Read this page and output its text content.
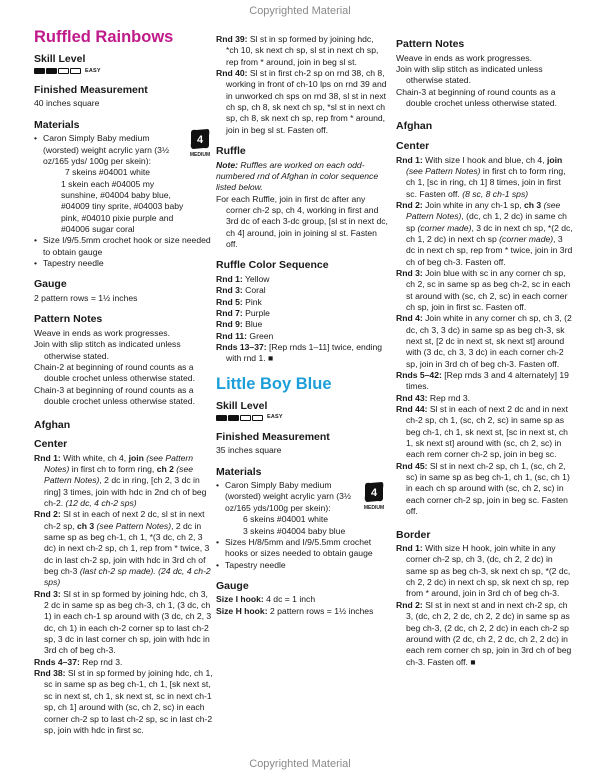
Copyrighted Material
Ruffled Rainbows
Skill Level
EASY
Finished Measurement

40 inches square

Materials
4
MEDIUM
• Caron Simply Baby medium (worsted) weight acrylic yarn (3½ oz/165 yds/ 100g per skein):
7 skeins #04001 white
1 skein each #04005 my sunshine, #04004 baby blue, #04009 tiny sprite, #04003 baby pink, #04010 pixie purple and #04006 sugar coral
• Size I/9/5.5mm crochet hook or size needed to obtain gauge
• Tapestry needle
Gauge

2 pattern rows = 1½ inches

Pattern Notes

Weave in ends as work progresses.

Join with slip stitch as indicated unless otherwise stated.

Chain-2 at beginning of round counts as a double crochet unless otherwise stated.

Chain-3 at beginning of round counts as a double crochet unless otherwise stated.

Afghan
Center

Rnd 1: With white, ch 4, join (see Pattern Notes) in first ch to form ring, ch 2 (see Pattern Notes), 2 dc in ring, [ch 2, 3 dc in ring] 3 times, join with hdc in 2nd ch of beg ch-2. (12 dc, 4 ch-2 sps)

Rnd 2: Sl st in each of next 2 dc, sl st in next ch-2 sp, ch 3 (see Pattern Notes), 2 dc in same sp as beg ch-1, ch 1, *(3 dc, ch 2, 3 dc) in next ch-2 sp, ch 1, rep from * twice, 3 dc in last ch-2 sp, join with hdc in 3rd ch of beg ch-3 (last ch-2 sp made). (24 dc, 4 ch-2 sps)

Rnd 3: Sl st in sp formed by joining hdc, ch 3, 2 dc in same sp as beg ch-3, ch 1, (3 dc, ch 1) in each ch-1 sp around with (3 dc, ch 2, 3 dc, ch 1) in each ch-2 corner sp to last ch-2 sp, 3 dc in last corner ch sp, join with hdc in 3rd ch of beg ch-3.

Rnds 4–37: Rep rnd 3.

Rnd 38: Sl st in sp formed by joining hdc, ch 1, sc in same sp as beg ch-1, ch 1, [sk next st, sc in next st, ch 1, sk next st, sc in next ch-1 sp, ch 1] around with (sc, ch 2, sc) in each corner ch-2 sp to last ch-2 sp, sc in last ch-2 sp, join with hdc in first sc.

Rnd 39: Sl st in sp formed by joining hdc, *ch 10, sk next ch sp, sl st in next ch sp, rep from * around, join in beg sl st.

Rnd 40: Sl st in first ch-2 sp on rnd 38, ch 8, working in front of ch-10 lps on rnd 39 and in unworked ch sps on rnd 38, sl st in next ch sp, ch 8, sk next ch sp, *sl st in next ch sp, ch 8, sk next ch sp, rep from * around, join in beg sl st. Fasten off.

Ruffle

Note: Ruffles are worked on each odd-numbered rnd of Afghan in color sequence listed below.

For each Ruffle, join in first dc after any corner ch-2 sp, ch 4, working in first and 3rd dc of each 3-dc group, [sl st in next dc, ch 4] around, join in joining sl st. Fasten off.

Ruffle Color Sequence

Rnd 1: Yellow

Rnd 3: Coral

Rnd 5: Pink

Rnd 7: Purple

Rnd 9: Blue

Rnd 11: Green

Rnds 13–37: [Rep rnds 1–11] twice, ending with rnd 1. ■

Little Boy Blue
Skill Level
EASY
Finished Measurement

35 inches square

Materials
4
MEDIUM
• Caron Simply Baby medium (worsted) weight acrylic yarn (3½ oz/165 yds/100g per skein):
6 skeins #04001 white
3 skeins #04004 baby blue
• Sizes H/8/5mm and I/9/5.5mm crochet hooks or sizes needed to obtain gauge
• Tapestry needle
Gauge

Size I hook: 4 dc = 1 inch

Size H hook: 2 pattern rows = 1½ inches

Pattern Notes

Weave in ends as work progresses.

Join with slip stitch as indicated unless otherwise stated.

Chain-3 at beginning of round counts as a double crochet unless otherwise stated.

Afghan
Center

Rnd 1: With size I hook and blue, ch 4, join (see Pattern Notes) in first ch to form ring, ch 1, [sc in ring, ch 1] 8 times, join in first sc. Fasten off. (8 sc, 8 ch-1 sps)

Rnd 2: Join white in any ch-1 sp, ch 3 (see Pattern Notes), (dc, ch 1, 2 dc) in same ch sp (corner made), 3 dc in next ch sp, *(2 dc, ch 1, 2 dc) in next ch sp (corner made), 3 dc in next ch sp, rep from * twice, join in 3rd ch of beg ch-3. Fasten off.

Rnd 3: Join blue with sc in any corner ch sp, ch 2, sc in same sp as beg ch-2, sc in each st around with (sc, ch 2, sc) in each corner ch sp, join in first sc. Fasten off.

Rnd 4: Join white in any corner ch sp, ch 3, (2 dc, ch 3, 3 dc) in same sp as beg ch-3, sk next st, [2 dc in next st, sk next st] around with (3 dc, ch 3, 3 dc) in each corner ch-2 sp, join in 3rd ch of beg ch-3. Fasten off.

Rnds 5–42: [Rep rnds 3 and 4 alternately] 19 times.

Rnd 43: Rep rnd 3.

Rnd 44: Sl st in each of next 2 dc and in next ch-2 sp, ch 1, (sc, ch 2, sc) in same sp as beg ch-1, ch 1, sk next st, [sc in next st, ch 1, sk next st] around with (sc, ch 2, sc) in each rem corner ch-2 sp, join in beg sc.

Rnd 45: Sl st in next ch-2 sp, ch 1, (sc, ch 2, sc) in same sp as beg ch-1, ch 1, (sc, ch 1) in each ch sp around with (sc, ch 2, sc) in each corner ch-2 sp, join in beg sc. Fasten off.

Border

Rnd 1: With size H hook, join white in any corner ch-2 sp, ch 3, (dc, ch 2, 2 dc) in same sp as beg ch-3, sk next ch sp, *(2 dc, ch 2, 2 dc) in next ch sp, sk next ch sp, rep from * around, join in 3rd ch of beg ch-3.

Rnd 2: Sl st in next st and in next ch-2 sp, ch 3, (dc, ch 2, 2 dc, ch 2, 2 dc) in same sp as beg ch-3, (2 dc, ch 2, 2 dc) in each ch-2 sp around with (2 dc, ch 2, 2 dc, ch 2, 2 dc) in each rem corner ch sp, join in 3rd ch of beg ch-3. Fasten off. ■

Copyrighted Material
